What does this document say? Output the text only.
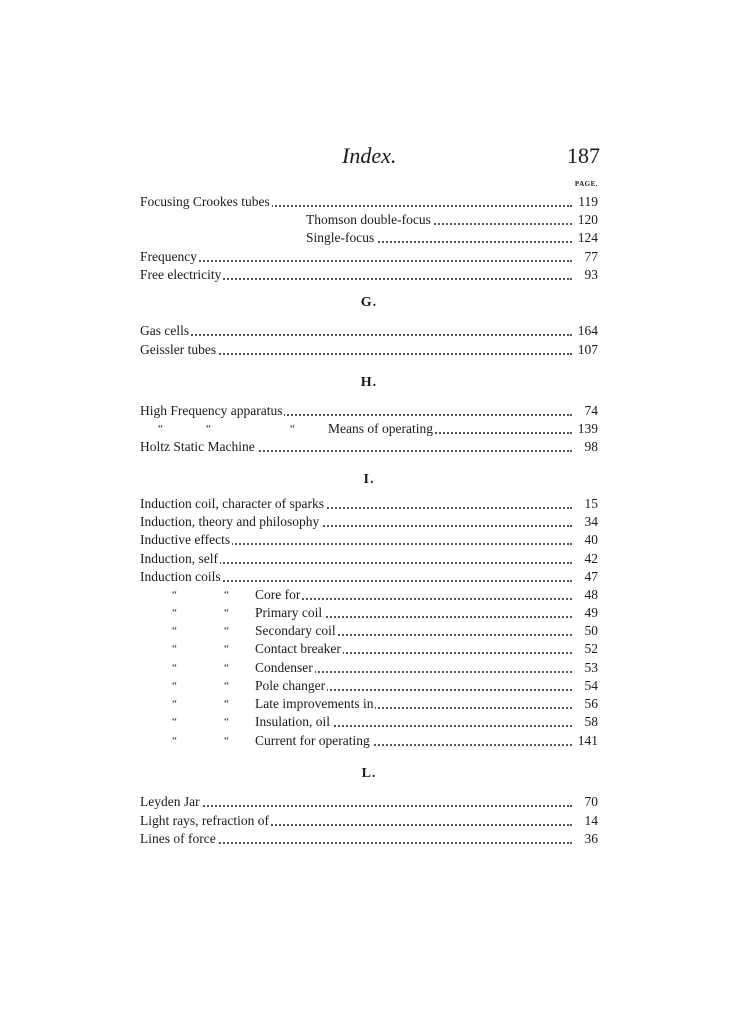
Index.	187
PAGE.
Focusing Crookes tubes	119
Thomson double-focus	120
Single-focus	124
Frequency	77
Free electricity	93
G.
Gas cells	164
Geissler tubes	107
H.
High Frequency apparatus	74
“	“	“ Means of operating	139
Holtz Static Machine	98
I.
Induction coil, character of sparks	15
Induction, theory and philosophy	34
Inductive effects	40
Induction, self	42
Induction coils	47
“	“ Core for	48
“	“ Primary coil	49
“	“ Secondary coil	50
“	“ Contact breaker	52
“	“ Condenser	53
“	“ Pole changer	54
“	“ Late improvements in	56
“	“ Insulation, oil	58
“	“ Current for operating	141
L.
Leyden Jar	70
Light rays, refraction of	14
Lines of force	36
